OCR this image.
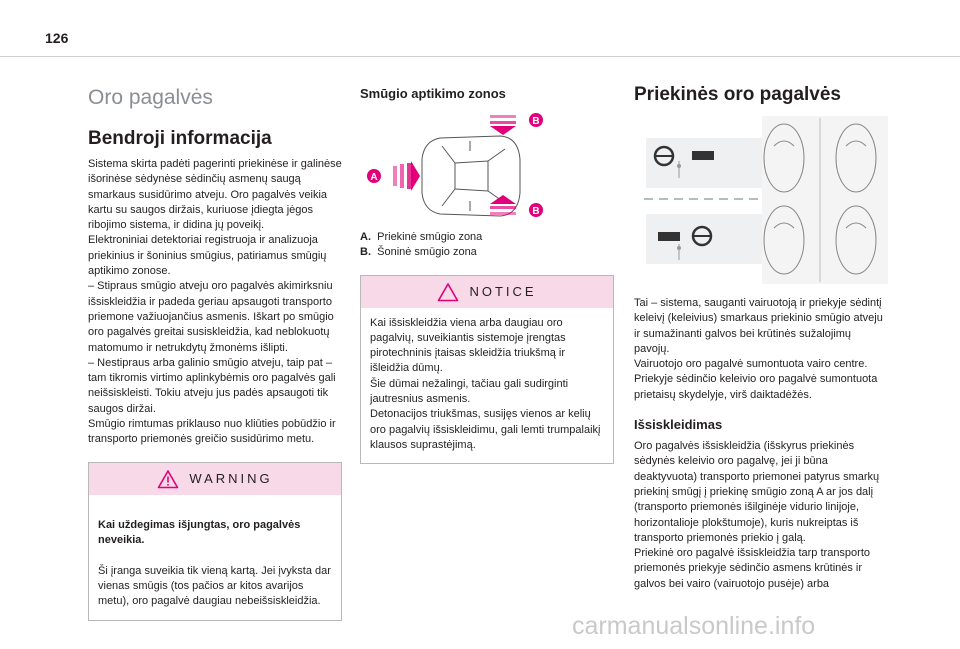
126
Oro pagalvės
Bendroji informacija

Sistema skirta padėti pagerinti priekinėse ir galinėse išorinėse sėdynėse sėdinčių asmenų saugą smarkaus susidūrimo atveju. Oro pagalvės veikia kartu su saugos diržais, kuriuose įdiegta jėgos ribojimo sistema, ir didina jų poveikį.
Elektroniniai detektoriai registruoja ir analizuoja priekinius ir šoninius smūgius, patiriamus smūgių aptikimo zonose.
– Stipraus smūgio atveju oro pagalvės akimirksniu išsiskleidžia ir padeda geriau apsaugoti transporto priemone važiuojančius asmenis. Iškart po smūgio oro pagalvės greitai susiskleidžia, kad neblokuotų matomumo ir netrukdytų žmonėms išlipti.
– Nestipraus arba galinio smūgio atveju, taip pat – tam tikromis virtimo aplinkybėmis oro pagalvės gali neišsiskleisti. Tokiu atveju jus padės apsaugoti tik saugos diržai.
Smūgio rimtumas priklauso nuo kliūties pobūdžio ir transporto priemonės greičio susidūrimo metu.

WARNING

Kai uždegimas išjungtas, oro pagalvės neveikia.

Ši įranga suveikia tik vieną kartą. Jei įvyksta dar vienas smūgis (tos pačios ar kitos avarijos metu), oro pagalvė daugiau nebeišsiskleidžia.

Smūgio aptikimo zonos
A
B
B
A. Priekinė smūgio zona
B. Šoninė smūgio zona
NOTICE
Kai išsiskleidžia viena arba daugiau oro pagalvių, suveikiantis sistemoje įrengtas pirotechninis įtaisas skleidžia triukšmą ir išleidžia dūmų.
Šie dūmai nežalingi, tačiau gali sudirginti jautresnius asmenis.
Detonacijos triukšmas, susijęs vienos ar kelių oro pagalvių išsiskleidimu, gali lemti trumpalaikį klausos suprastėjimą.
Priekinės oro pagalvės

Tai – sistema, sauganti vairuotoją ir priekyje sėdintį keleivį (keleivius) smarkaus priekinio smūgio atveju ir sumažinanti galvos bei krūtinės sužalojimų pavojų.
Vairuotojo oro pagalvė sumontuota vairo centre. Priekyje sėdinčio keleivio oro pagalvė sumontuota prietaisų skydelyje, virš daiktadėžės.

Išsiskleidimas

Oro pagalvės išsiskleidžia (išskyrus priekinės sėdynės keleivio oro pagalvę, jei ji būna deaktyvuota) transporto priemonei patyrus smarkų priekinį smūgį į priekinę smūgio zoną A ar jos dalį (transporto priemonės išilginėje vidurio linijoje, horizontalioje plokštumoje), kuris nukreiptas iš transporto priemonės priekio į galą.
Priekinė oro pagalvė išsiskleidžia tarp transporto priemonės priekyje sėdinčio asmens krūtinės ir galvos bei vairo (vairuotojo pusėje) arba

carmanualsonline.info
